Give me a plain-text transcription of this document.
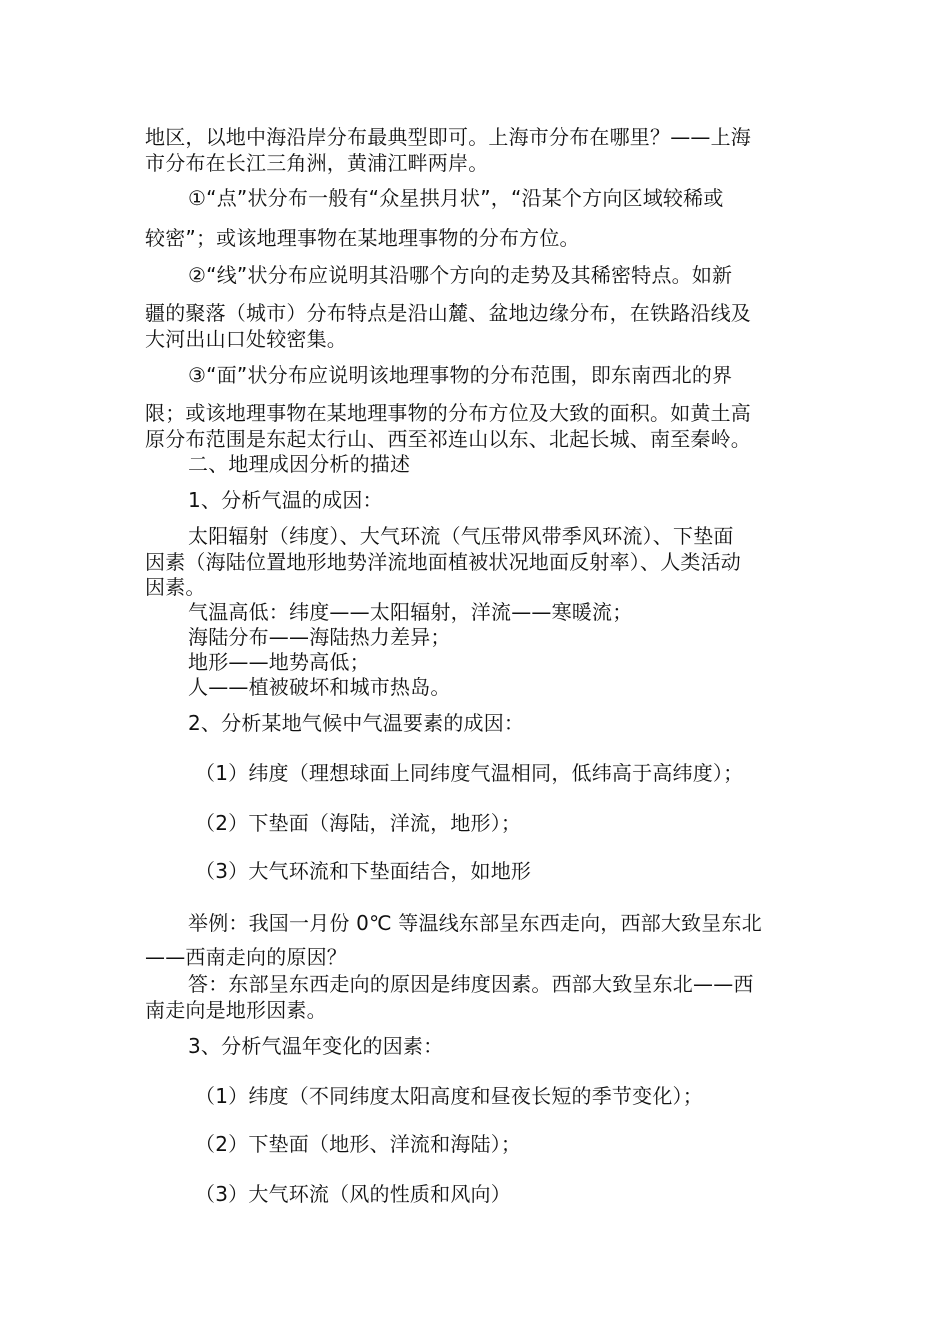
地区，以地中海沿岸分布最典型即可。上海市分布在哪里？——上海
市分布在长江三角洲，黄浦江畔两岸。
①“点”状分布一般有“众星拱月状”，“沿某个方向区域较稀或
较密”；或该地理事物在某地理事物的分布方位。
②“线”状分布应说明其沿哪个方向的走势及其稀密特点。如新
疆的聚落（城市）分布特点是沿山麓、盆地边缘分布，在铁路沿线及
大河出山口处较密集。
③“面”状分布应说明该地理事物的分布范围，即东南西北的界
限；或该地理事物在某地理事物的分布方位及大致的面积。如黄土高
原分布范围是东起太行山、西至祁连山以东、北起长城、南至秦岭。
二、地理成因分析的描述
1、分析气温的成因：
太阳辐射（纬度）、大气环流（气压带风带季风环流）、下垫面
因素（海陆位置地形地势洋流地面植被状况地面反射率）、人类活动
因素。
气温高低：纬度——太阳辐射，洋流——寒暖流；
海陆分布——海陆热力差异；
地形——地势高低；
人——植被破坏和城市热岛。
2、分析某地气候中气温要素的成因：
（1）纬度（理想球面上同纬度气温相同，低纬高于高纬度）；
（2）下垫面（海陆，洋流，地形）；
（3）大气环流和下垫面结合，如地形
举例：我国一月份 0℃ 等温线东部呈东西走向，西部大致呈东北
——西南走向的原因？
答：东部呈东西走向的原因是纬度因素。西部大致呈东北——西
南走向是地形因素。
3、分析气温年变化的因素：
（1）纬度（不同纬度太阳高度和昼夜长短的季节变化）；
（2）下垫面（地形、洋流和海陆）；
（3）大气环流（风的性质和风向）
